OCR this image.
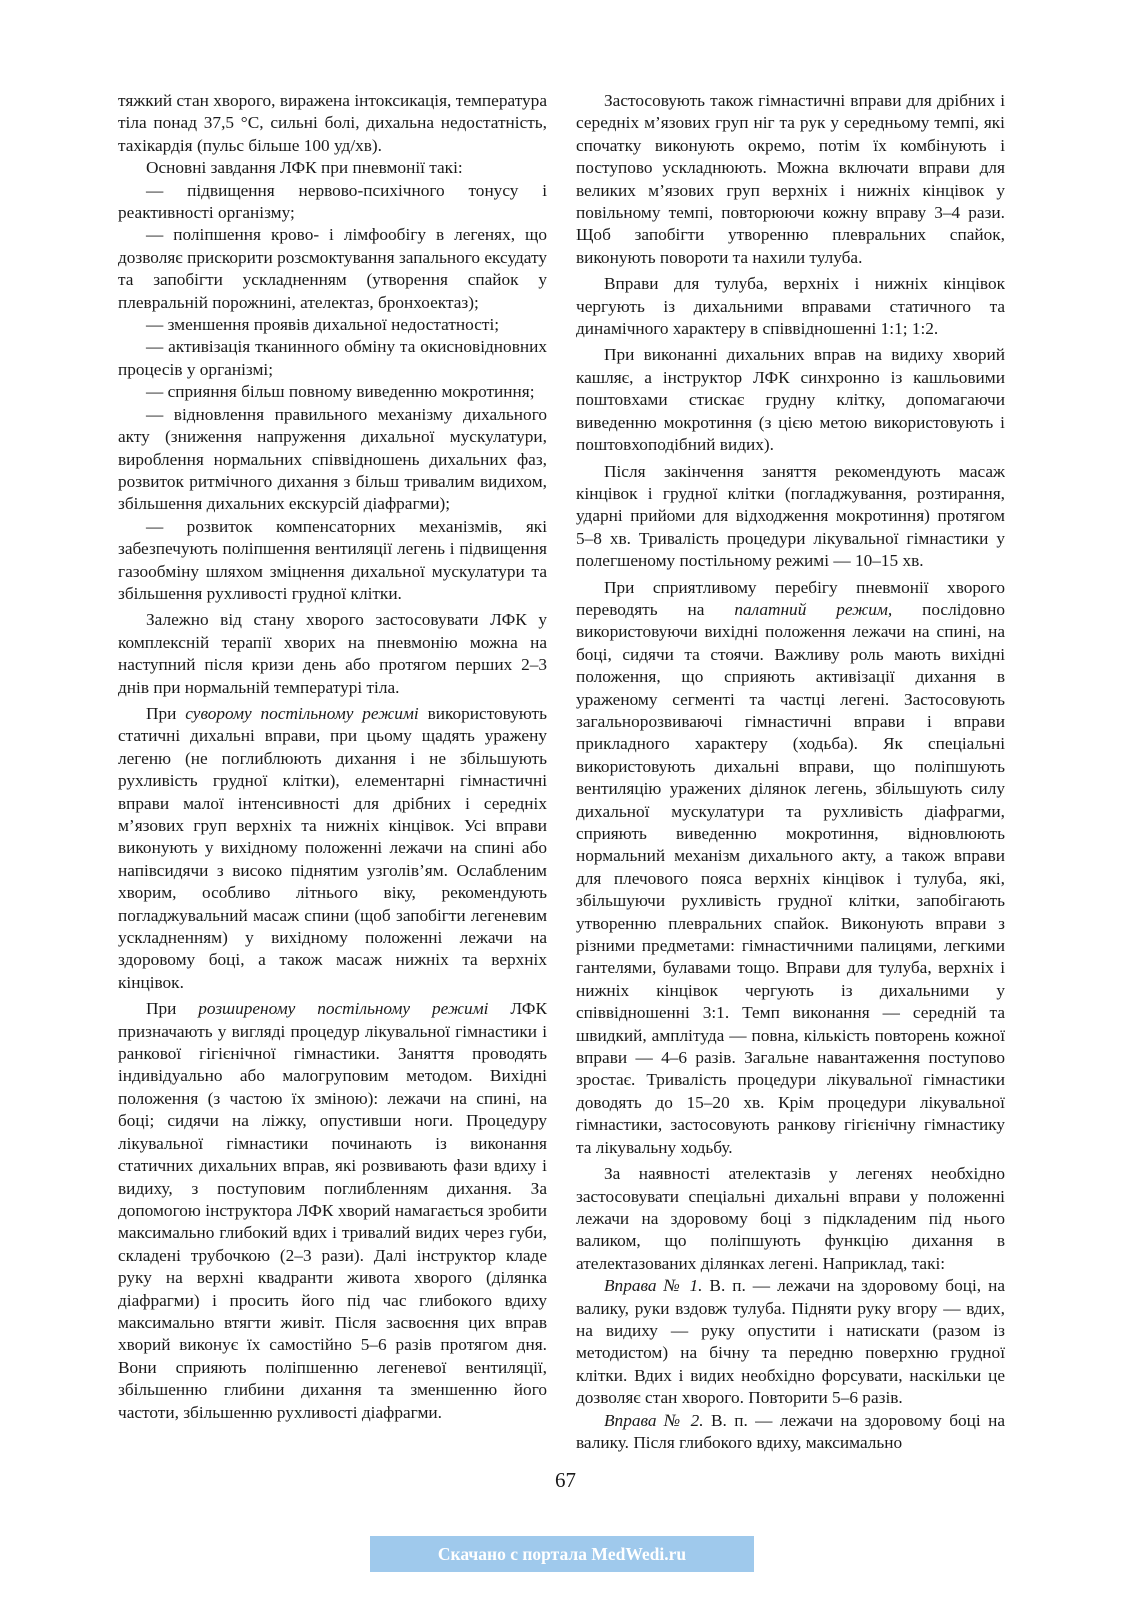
тяжкий стан хворого, виражена інтоксикація, температура тіла понад 37,5 °С, сильні болі, дихальна недостатність, тахікардія (пульс більше 100 уд/хв).

Основні завдання ЛФК при пневмонії такі:

— підвищення нервово-психічного тонусу і реактивності організму;

— поліпшення крово- і лімфообігу в легенях, що дозволяє прискорити розсмоктування запального ексудату та запобігти ускладненням (утворення спайок у плевральній порожнині, ателектаз, бронхоектаз);

— зменшення проявів дихальної недостатності;

— активізація тканинного обміну та окисновідновних процесів у організмі;

— сприяння більш повному виведенню мокротиння;

— відновлення правильного механізму дихального акту (зниження напруження дихальної мускулатури, вироблення нормальних співвідношень дихальних фаз, розвиток ритмічного дихання з більш тривалим видихом, збільшення дихальних екскурсій діафрагми);

— розвиток компенсаторних механізмів, які забезпечують поліпшення вентиляції легень і підвищення газообміну шляхом зміцнення дихальної мускулатури та збільшення рухливості грудної клітки.

Залежно від стану хворого застосовувати ЛФК у комплексній терапії хворих на пневмонію можна на наступний після кризи день або протягом перших 2–3 днів при нормальній температурі тіла.

При суворому постільному режимі використовують статичні дихальні вправи, при цьому щадять уражену легеню (не поглиблюють дихання і не збільшують рухливість грудної клітки), елементарні гімнастичні вправи малої інтенсивності для дрібних і середніх м’язових груп верхніх та нижніх кінцівок. Усі вправи виконують у вихідному положенні лежачи на спині або напівсидячи з високо піднятим узголів’ям. Ослабленим хворим, особливо літнього віку, рекомендують погладжувальний масаж спини (щоб запобігти легеневим ускладненням) у вихідному положенні лежачи на здоровому боці, а також масаж нижніх та верхніх кінцівок.

При розширеному постільному режимі ЛФК призначають у вигляді процедур лікувальної гімнастики і ранкової гігієнічної гімнастики. Заняття проводять індивідуально або малогруповим методом. Вихідні положення (з частою їх зміною): лежачи на спині, на боці; сидячи на ліжку, опустивши ноги. Процедуру лікувальної гімнастики починають із виконання статичних дихальних вправ, які розвивають фази вдиху і видиху, з поступовим поглибленням дихання. За допомогою інструктора ЛФК хворий намагається зробити максимально глибокий вдих і тривалий видих через губи, складені трубочкою (2–3 рази). Далі інструктор кладе руку на верхні квадранти живота хворого (ділянка діафрагми) і просить його під час глибокого вдиху максимально втягти живіт. Після засвоєння цих вправ хворий виконує їх самостійно 5–6 разів протягом дня. Вони сприяють поліпшенню легеневої вентиляції, збільшенню глибини дихання та зменшенню його частоти, збільшенню рухливості діафрагми.

Застосовують також гімнастичні вправи для дрібних і середніх м’язових груп ніг та рук у середньому темпі, які спочатку виконують окремо, потім їх комбінують і поступово ускладнюють. Можна включати вправи для великих м’язових груп верхніх і нижніх кінцівок у повільному темпі, повторюючи кожну вправу 3–4 рази. Щоб запобігти утворенню плевральних спайок, виконують повороти та нахили тулуба.

Вправи для тулуба, верхніх і нижніх кінцівок чергують із дихальними вправами статичного та динамічного характеру в співвідношенні 1:1; 1:2.

При виконанні дихальних вправ на видиху хворий кашляє, а інструктор ЛФК синхронно із кашльовими поштовхами стискає грудну клітку, допомагаючи виведенню мокротиння (з цією метою використовують і поштовхоподібний видих).

Після закінчення заняття рекомендують масаж кінцівок і грудної клітки (погладжування, розтирання, ударні прийоми для відходження мокротиння) протягом 5–8 хв. Тривалість процедури лікувальної гімнастики у полегшеному постільному режимі — 10–15 хв.

При сприятливому перебігу пневмонії хворого переводять на палатний режим, послідовно використовуючи вихідні положення лежачи на спині, на боці, сидячи та стоячи. Важливу роль мають вихідні положення, що сприяють активізації дихання в ураженому сегменті та частці легені. Застосовують загальнорозвиваючі гімнастичні вправи і вправи прикладного характеру (ходьба). Як спеціальні використовують дихальні вправи, що поліпшують вентиляцію уражених ділянок легень, збільшують силу дихальної мускулатури та рухливість діафрагми, сприяють виведенню мокротиння, відновлюють нормальний механізм дихального акту, а також вправи для плечового пояса верхніх кінцівок і тулуба, які, збільшуючи рухливість грудної клітки, запобігають утворенню плевральних спайок. Виконують вправи з різними предметами: гімнастичними палицями, легкими гантелями, булавами тощо. Вправи для тулуба, верхніх і нижніх кінцівок чергують із дихальними у співвідношенні 3:1. Темп виконання — середній та швидкий, амплітуда — повна, кількість повторень кожної вправи — 4–6 разів. Загальне навантаження поступово зростає. Тривалість процедури лікувальної гімнастики доводять до 15–20 хв. Крім процедури лікувальної гімнастики, застосовують ранкову гігієнічну гімнастику та лікувальну ходьбу.

За наявності ателектазів у легенях необхідно застосовувати спеціальні дихальні вправи у положенні лежачи на здоровому боці з підкладеним під нього валиком, що поліпшують функцію дихання в ателектазованих ділянках легені. Наприклад, такі:

Вправа № 1. В. п. — лежачи на здоровому боці, на валику, руки вздовж тулуба. Підняти руку вгору — вдих, на видиху — руку опустити і натискати (разом із методистом) на бічну та передню поверхню грудної клітки. Вдих і видих необхідно форсувати, наскільки це дозволяє стан хворого. Повторити 5–6 разів.

Вправа № 2. В. п. — лежачи на здоровому боці на валику. Після глибокого вдиху, максимально

67
Скачано с портала MedWedi.ru
